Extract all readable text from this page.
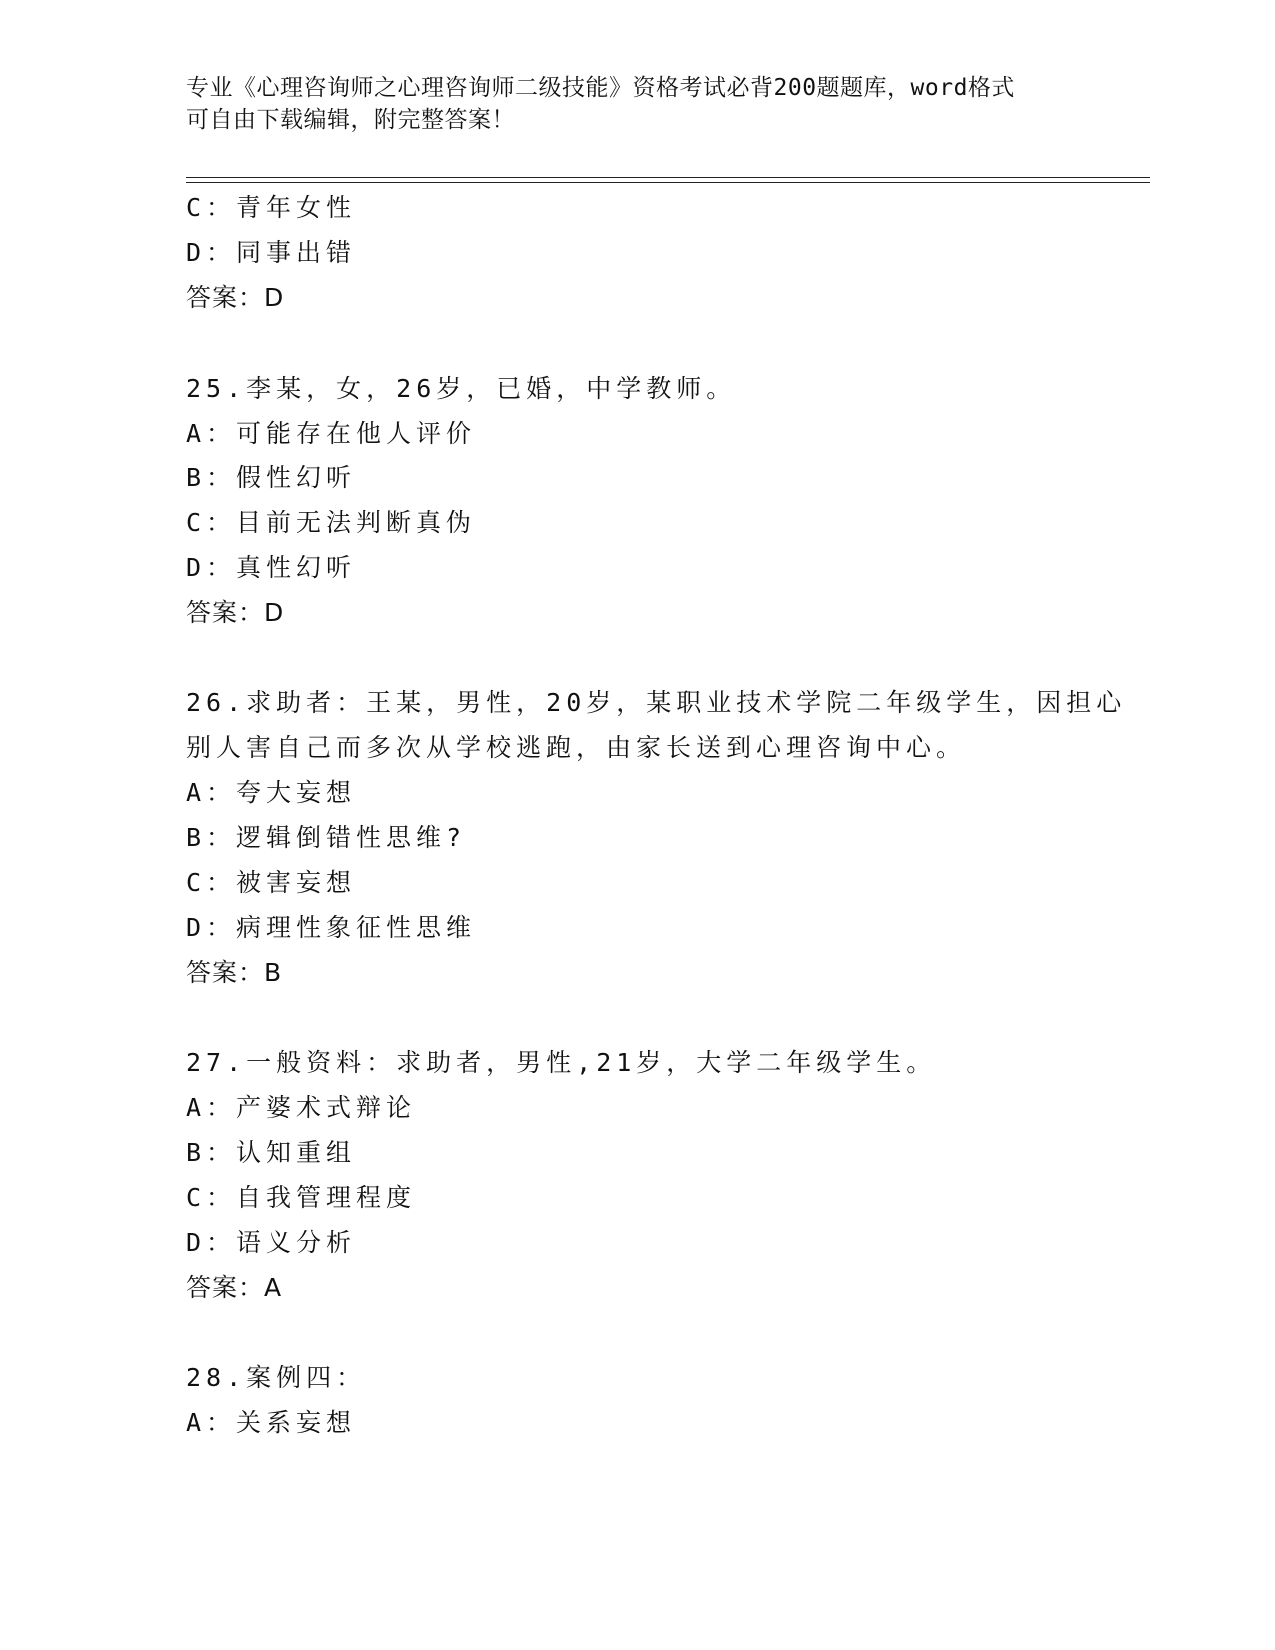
专业《心理咨询师之心理咨询师二级技能》资格考试必背200题题库，word格式
可自由下载编辑，附完整答案！
C：青年女性
D：同事出错
答案：D
25.李某，女，26岁，已婚，中学教师。
A：可能存在他人评价
B：假性幻听
C：目前无法判断真伪
D：真性幻听
答案：D
26.求助者：王某，男性，20岁，某职业技术学院二年级学生，因担心
别人害自己而多次从学校逃跑，由家长送到心理咨询中心。
A：夸大妄想
B：逻辑倒错性思维?
C：被害妄想
D：病理性象征性思维
答案：B
27.一般资料：求助者，男性,21岁，大学二年级学生。
A：产婆术式辩论
B：认知重组
C：自我管理程度
D：语义分析
答案：A
28.案例四：
A：关系妄想
